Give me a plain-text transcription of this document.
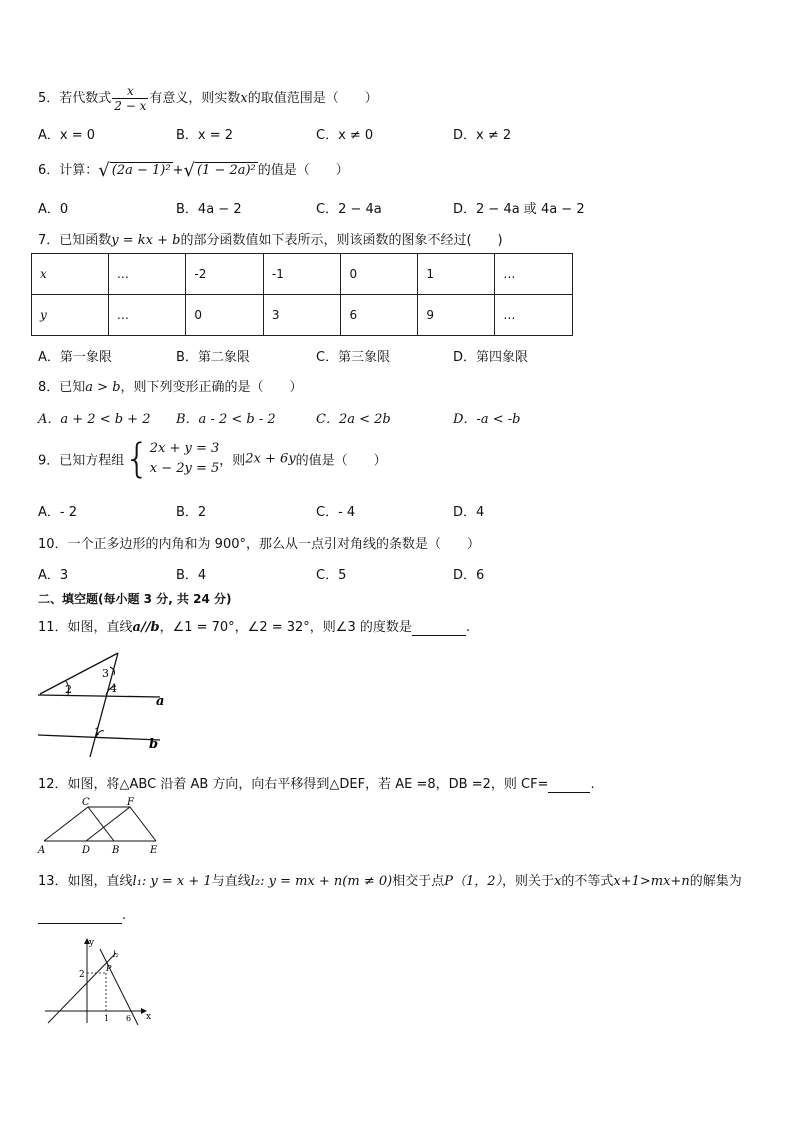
5．若代数式 $\frac{x}{2 - x}$ 有意义，则实数x的取值范围是（　　）
A．x = 0	B．x = 2	C．x ≠ 0	D．x ≠ 2
6．计算：√ (2a − 1)² +√ (1 − 2a)² 的值是（　　）
A．0	B．4a − 2	C．2 − 4a	D．2 − 4a 或 4a − 2
7．已知函数y = kx + b的部分函数值如下表所示，则该函数的图象不经过(　　)
x	…	-2	-1	0	1	…
y	…	0	3	6	9	…
A．第一象限	B．第二象限	C．第三象限	D．第四象限
8．已知a > b，则下列变形正确的是（　　）
A．a + 2 < b + 2 B．a - 2 < b - 2	C．2a < 2b	D．-a < -b
9．已知方程组{ 2x + y = 3
x − 2y = 5 ，则2x + 6y的值是（　　）
A．- 2	B．2	C．- 4	D．4
10．一个正多边形的内角和为 900°，那么从一点引对角线的条数是（　　）
A．3	B．4	C．5	D．6
二、填空题(每小题 3 分, 共 24 分)
11．如图，直线a//b，∠1 = 70°，∠2 = 32°，则∠3 的度数是	.
2
3
4
1
a
b
12．如图，将△ABC 沿着 AB 方向，向右平移得到△DEF，若 AE =8，DB =2，则 CF=	.
A	D B	E
C	F
13．如图，直线l₁: y = x + 1与直线l₂: y = mx + n(m ≠ 0)相交于点P（1，2），则关于x的不等式x+1>mx+n的解集为
.
y
x
2
1 6
P
l₂
